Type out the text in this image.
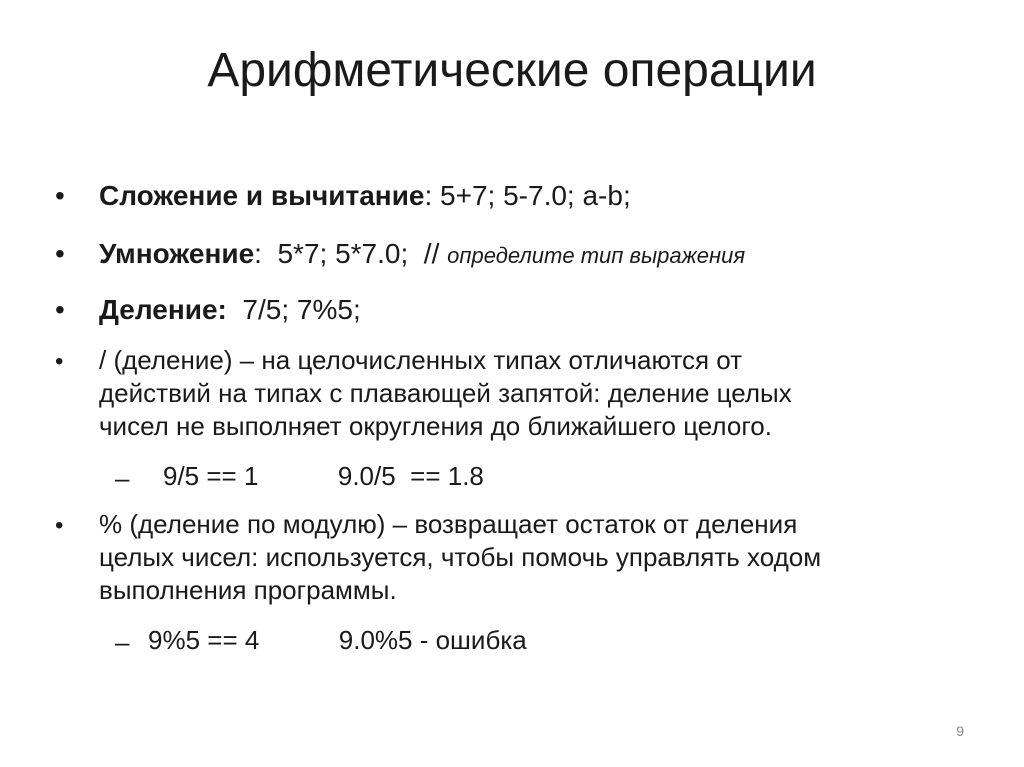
Арифметические операции
•	Сложение и вычитание: 5+7; 5-7.0; a-b;
•	Умножение:  5*7; 5*7.0;  // определите тип выражения
•	Деление:  7/5; 7%5;
•	/ (деление) – на целочисленных типах отличаются от
действий на типах с плавающей запятой: деление целых
чисел не выполняет округления до ближайшего целого.
– 9/5 == 1           9.0/5  == 1.8
•	% (деление по модулю) – возвращает остаток от деления
целых чисел: используется, чтобы помочь управлять ходом
выполнения программы.
– 9%5 == 4           9.0%5 - ошибка
9
